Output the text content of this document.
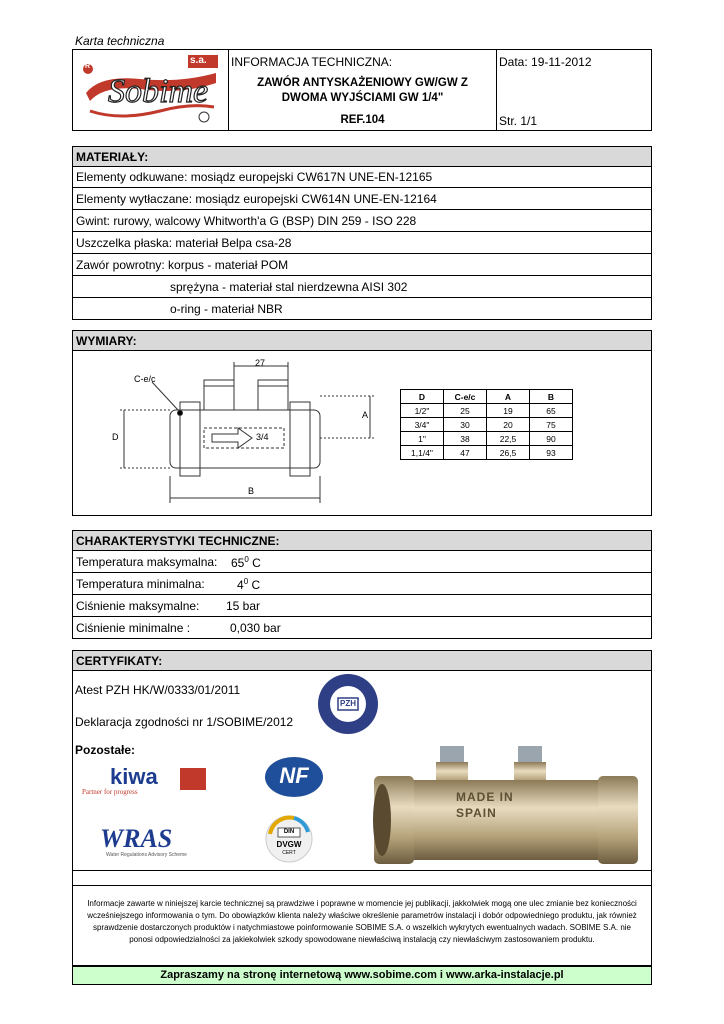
Karta techniczna
R
s.a.
Sobime
INFORMACJA TECHNICZNA:
ZAWÓR ANTYSKAŻENIOWY GW/GW Z
DWOMA WYJŚCIAMI GW 1/4"
REF.104
Data: 19-11-2012
Str. 1/1
MATERIAŁY:
Elementy odkuwane: mosiądz europejski CW617N UNE-EN-12165
Elementy wytłaczane: mosiądz europejski CW614N UNE-EN-12164
Gwint: rurowy, walcowy Whitworth'a G (BSP) DIN 259 - ISO 228
Uszczelka płaska: materiał Belpa csa-28
Zawór powrotny: korpus - materiał POM
sprężyna - materiał stal nierdzewna AISI 302
o-ring - materiał NBR
WYMIARY:
C-e/c
D
A
B
27
3/4
D	C-e/c	A	B
1/2"	25	19	65
3/4"	30	20	75
1"	38	22,5	90
1,1/4"	47	26,5	93
CHARAKTERYSTYKI TECHNICZNE:
Temperatura maksymalna: $65^0$ C
Temperatura minimalna:	$4^0$ C
Ciśnienie maksymalne: 15 bar
Ciśnienie minimalne :	0,030 bar
CERTYFIKATY:
Atest PZH HK/W/0333/01/2011
Deklaracja zgodności nr 1/SOBIME/2012
Pozostałe:
PZH
kiwa
Partner for progress
NF
WRAS
Water Regulations Advisory Scheme
DIN
DVGW
CERT
MADE IN
SPAIN
Informacje zawarte w niniejszej karcie technicznej są prawdziwe i poprawne w momencie jej publikacji, jakkolwiek mogą one ulec zmianie bez konieczności wcześniejszego informowania o tym. Do obowiązków klienta należy właściwe określenie parametrów instalacji i dobór odpowiedniego produktu, jak również sprawdzenie dostarczonych produktów i natychmiastowe poinformowanie SOBIME S.A. o wszelkich wykrytych ewentualnych wadach. SOBIME S.A. nie ponosi odpowiedzialności za jakiekolwiek szkody spowodowane niewłaściwą instalacją czy niewłaściwym zastosowaniem produktu.
Zapraszamy na stronę internetową www.sobime.com i www.arka-instalacje.pl
